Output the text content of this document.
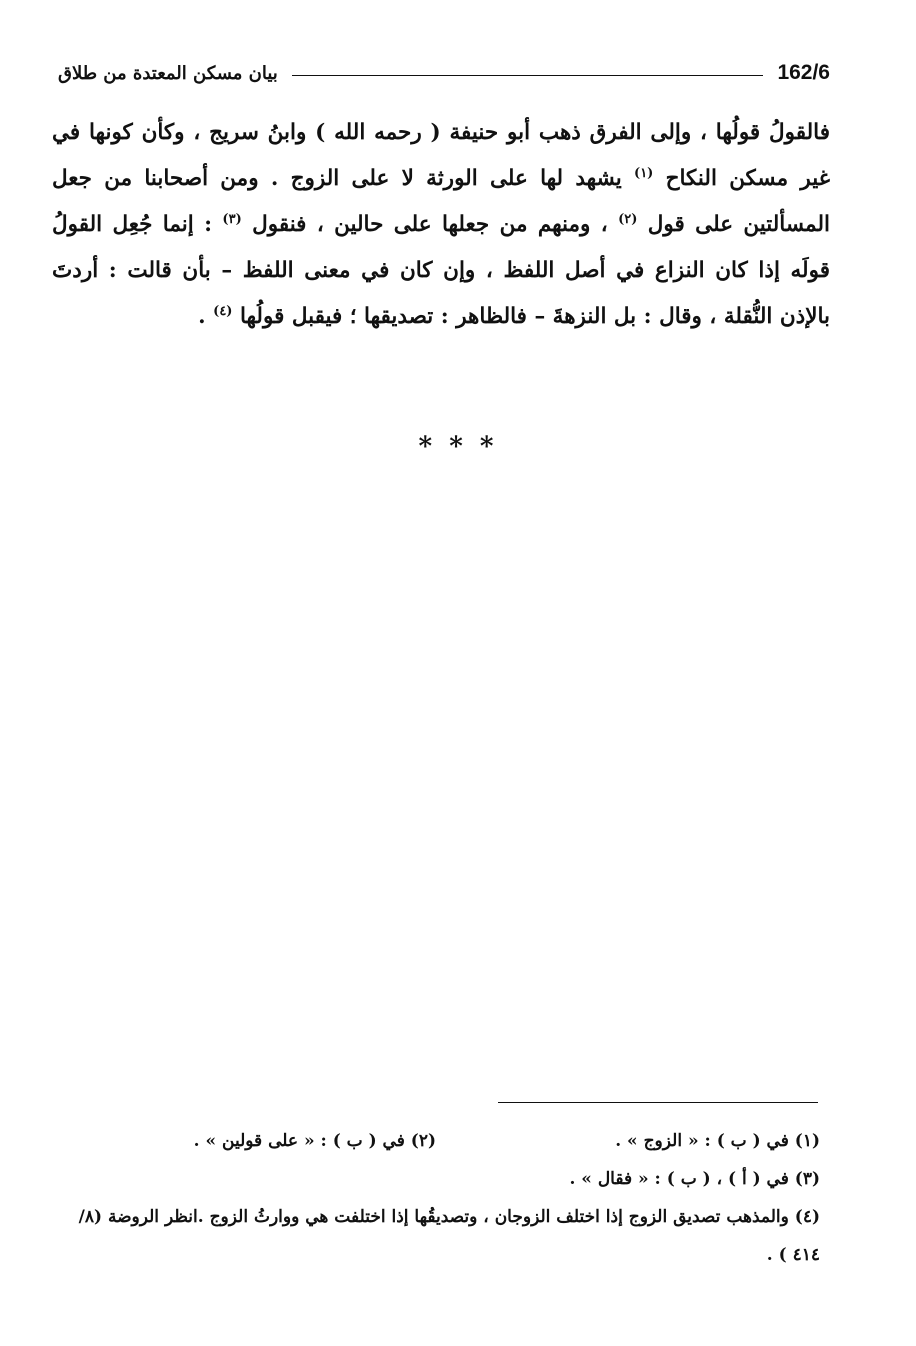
بيان مسكن المعتدة من طلاق	162/6
فالقولُ قولُها ، وإلى الفرق ذهب أبو حنيفة ( رحمه الله ) وابنُ سريج ، وكأن كونها في
غير مسكن النكاح $^{(١)}$ يشهد لها على الورثة لا على الزوج . ومن أصحابنا من جعل
المسألتين على قول $^{(٢)}$ ، ومنهم من جعلها على حالين ، فنقول $^{(٣)}$ : إنما جُعِل القولُ
قولَه إذا كان النزاع في أصل اللفظ ، وإن كان في معنى اللفظ – بأن قالت : أردتَ
بالإذن النُّقلة ، وقال : بل النزهةَ – فالظاهر : تصديقها ؛ فيقبل قولُها $^{(٤)}$ .
* * *
(١) في ( ب ) : « الزوج » .
(٢) في ( ب ) : « على قولين » .
(٣) في ( أ ) ، ( ب ) : « فقال » .
(٤) والمذهب تصديق الزوج إذا اختلف الزوجان ، وتصديقُها إذا اختلفت هي ووارثُ الزوج .انظر الروضة (٨/
٤١٤ ) .
